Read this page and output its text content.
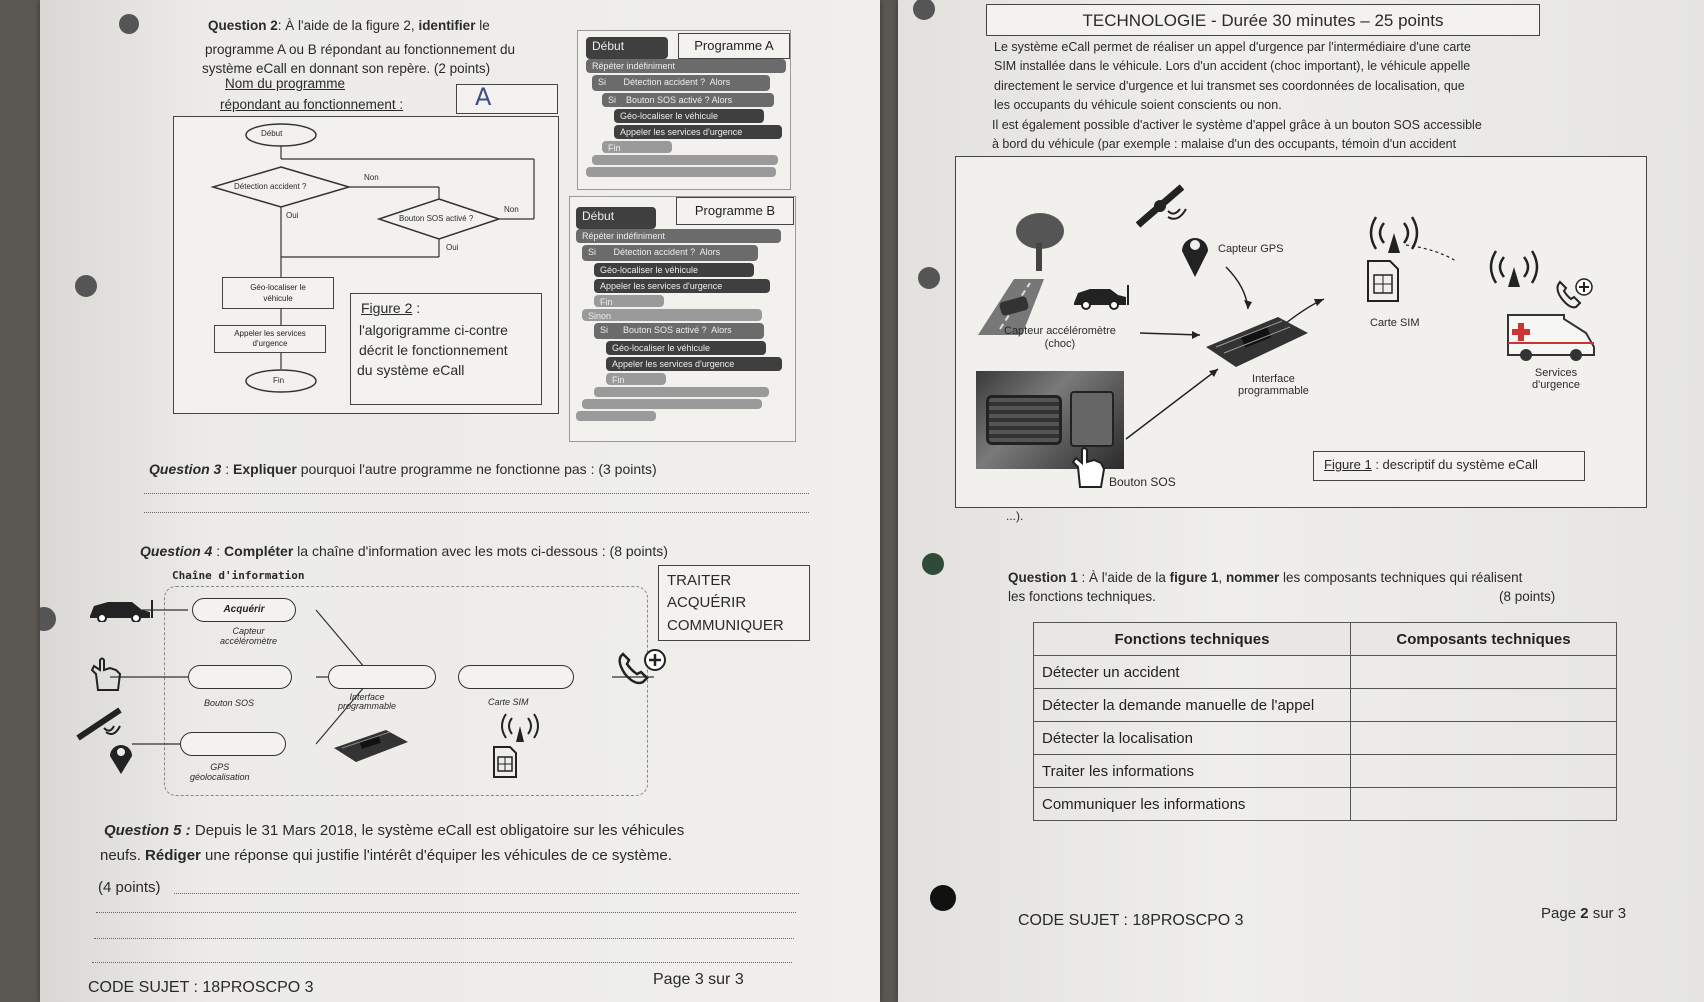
Question 2: À l'aide de la figure 2, identifier le
programme A ou B répondant au fonctionnement du
système eCall en donnant son repère. (2 points)
Nom du programme
répondant au fonctionnement :	A
Début
Détection accident ?
Non
Oui	Bouton SOS activé ?
Non
Oui
Géo-localiser le
véhicule
Appeler les services
d'urgence
Fin
Figure 2 :
l'algorigramme ci-contre
décrit le fonctionnement
du système eCall
Programme A
Début
Répéter indéfiniment
Si Détection accident ? Alors
Si Bouton SOS activé ? Alors
Géo-localiser le véhicule
Appeler les services d'urgence
Fin
Programme B
Début
Répéter indéfiniment
Si Détection accident ? Alors
Géo-localiser le véhicule
Appeler les services d'urgence
Fin
Sinon
Si Bouton SOS activé ? Alors
Géo-localiser le véhicule
Appeler les services d'urgence
Fin
Question 3 : Expliquer pourquoi l'autre programme ne fonctionne pas : (3 points)
Question 4 : Compléter la chaîne d'information avec les mots ci-dessous : (8 points)
Chaîne d'information
Acquérir
Capteur
accéléromètre
Bouton SOS
Interface
programmable	Carte SIM
GPS
géolocalisation
TRAITER
ACQUÉRIR
COMMUNIQUER
Question 5 : Depuis le 31 Mars 2018, le système eCall est obligatoire sur les véhicules
neufs. Rédiger une réponse qui justifie l'intérêt d'équiper les véhicules de ce système.
(4 points)
CODE SUJET : 18PROSCPO 3	Page 3 sur 3
TECHNOLOGIE - Durée 30 minutes – 25 points
Le système eCall permet de réaliser un appel d'urgence par l'intermédiaire d'une carte
SIM installée dans le véhicule. Lors d'un accident (choc important), le véhicule appelle
directement le service d'urgence et lui transmet ses coordonnées de localisation, que
les occupants du véhicule soient conscients ou non.
Il est également possible d'activer le système d'appel grâce à un bouton SOS accessible
à bord du véhicule (par exemple : malaise d'un des occupants, témoin d'un accident
Capteur GPS
Carte SIM
Services
d'urgence
Capteur accéléromètre
(choc)
Interface
programmable
Bouton SOS
Figure 1 : descriptif du système eCall
...).
Question 1 : À l'aide de la figure 1, nommer les composants techniques qui réalisent
les fonctions techniques.	(8 points)
Fonctions techniques	Composants techniques
Détecter un accident	
Détecter la demande manuelle de l'appel	
Détecter la localisation	
Traiter les informations	
Communiquer les informations	
CODE SUJET : 18PROSCPO 3	Page 2 sur 3
